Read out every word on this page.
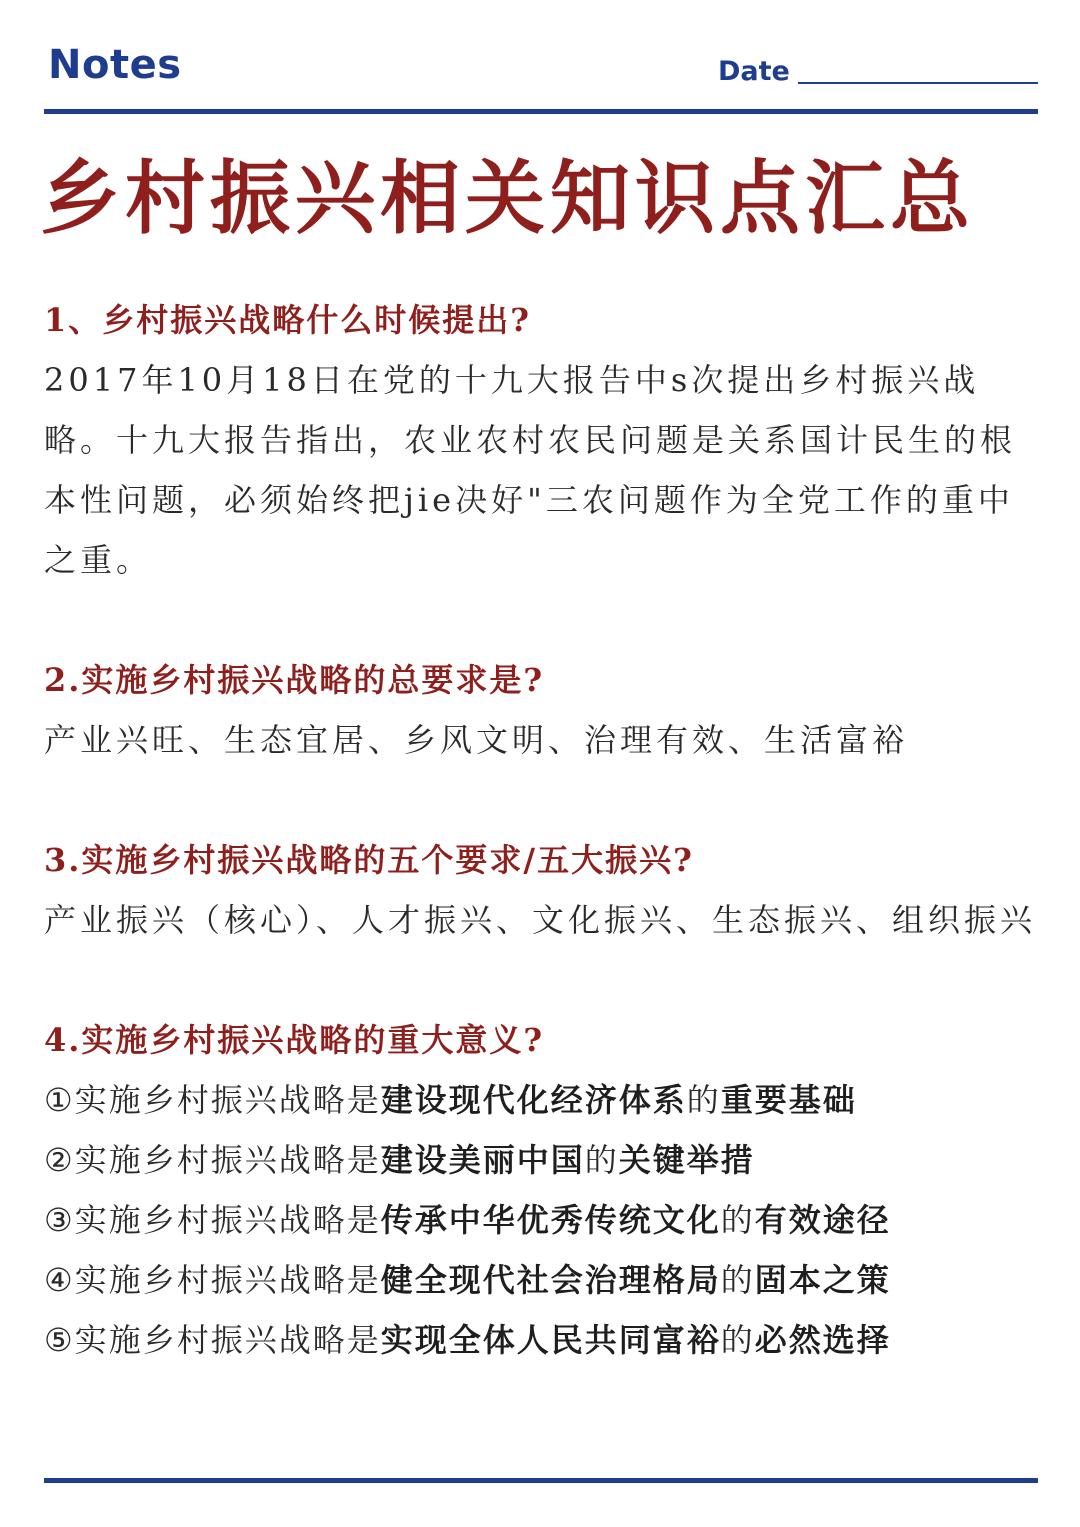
Notes	Date
乡村振兴相关知识点汇总
1、乡村振兴战略什么时候提出?
2017年10月18日在党的十九大报告中s次提出乡村振兴战略。十九大报告指出，农业农村农民问题是关系国计民生的根本性问题，必须始终把jie决好"三农问题作为全党工作的重中之重。
2.实施乡村振兴战略的总要求是?
产业兴旺、生态宜居、乡风文明、治理有效、生活富裕
3.实施乡村振兴战略的五个要求/五大振兴?
产业振兴（核心）、人才振兴、文化振兴、生态振兴、组织振兴
4.实施乡村振兴战略的重大意义?
①实施乡村振兴战略是建设现代化经济体系的重要基础
②实施乡村振兴战略是建设美丽中国的关键举措
③实施乡村振兴战略是传承中华优秀传统文化的有效途径
④实施乡村振兴战略是健全现代社会治理格局的固本之策
⑤实施乡村振兴战略是实现全体人民共同富裕的必然选择
